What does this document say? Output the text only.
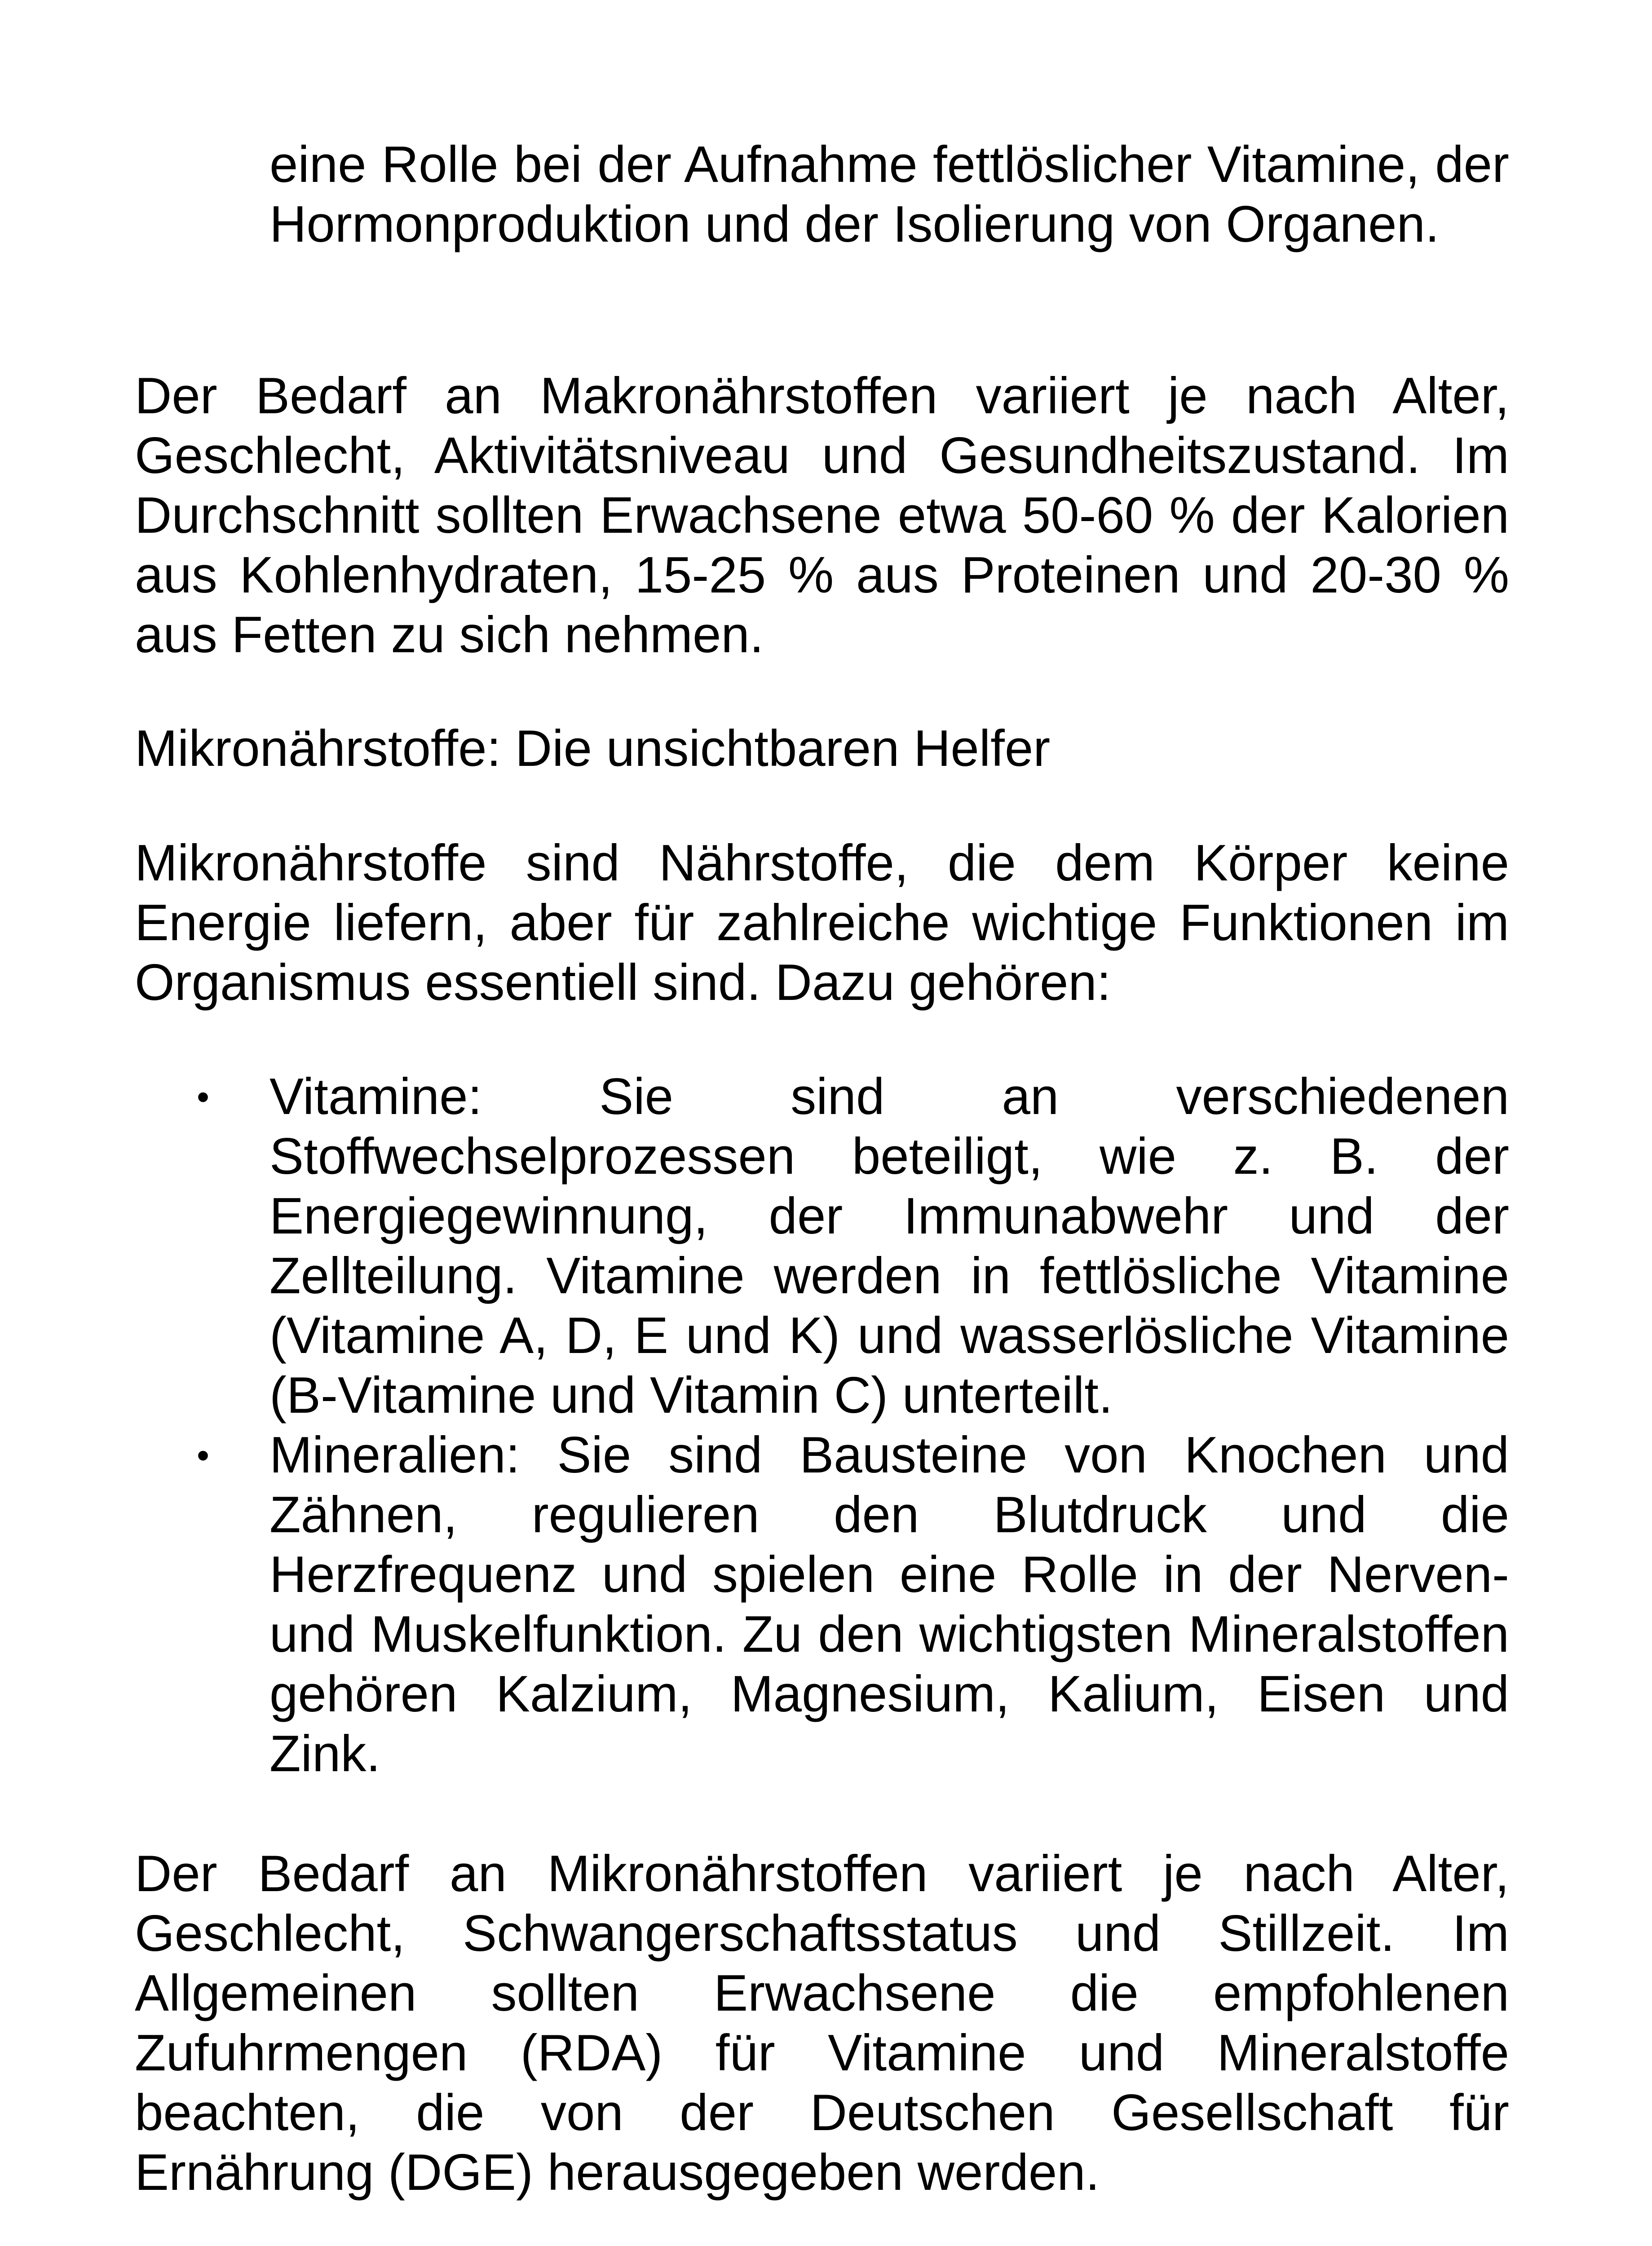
eine Rolle bei der Aufnahme fettlöslicher Vitamine, der Hormonproduktion und der Isolierung von Organen.

Der Bedarf an Makronährstoffen variiert je nach Alter, Geschlecht, Aktivitätsniveau und Gesundheitszustand. Im Durchschnitt sollten Erwachsene etwa 50-60 % der Kalorien aus Kohlenhydraten, 15-25 % aus Proteinen und 20-30 % aus Fetten zu sich nehmen.

Mikronährstoffe: Die unsichtbaren Helfer

Mikronährstoffe sind Nährstoffe, die dem Körper keine Energie liefern, aber für zahlreiche wichtige Funktionen im Organismus essentiell sind. Dazu gehören:

• Vitamine: Sie sind an verschiedenen Stoffwechselprozessen beteiligt, wie z. B. der Energiegewinnung, der Immunabwehr und der Zellteilung. Vitamine werden in fettlösliche Vitamine (Vitamine A, D, E und K) und wasserlösliche Vitamine (B-Vitamine und Vitamin C) unterteilt.
• Mineralien: Sie sind Bausteine von Knochen und Zähnen, regulieren den Blutdruck und die Herzfrequenz und spielen eine Rolle in der Nerven- und Muskelfunktion. Zu den wichtigsten Mineralstoffen gehören Kalzium, Magnesium, Kalium, Eisen und Zink.

Der Bedarf an Mikronährstoffen variiert je nach Alter, Geschlecht, Schwangerschaftsstatus und Stillzeit. Im Allgemeinen sollten Erwachsene die empfohlenen Zufuhrmengen (RDA) für Vitamine und Mineralstoffe beachten, die von der Deutschen Gesellschaft für Ernährung (DGE) herausgegeben werden.
